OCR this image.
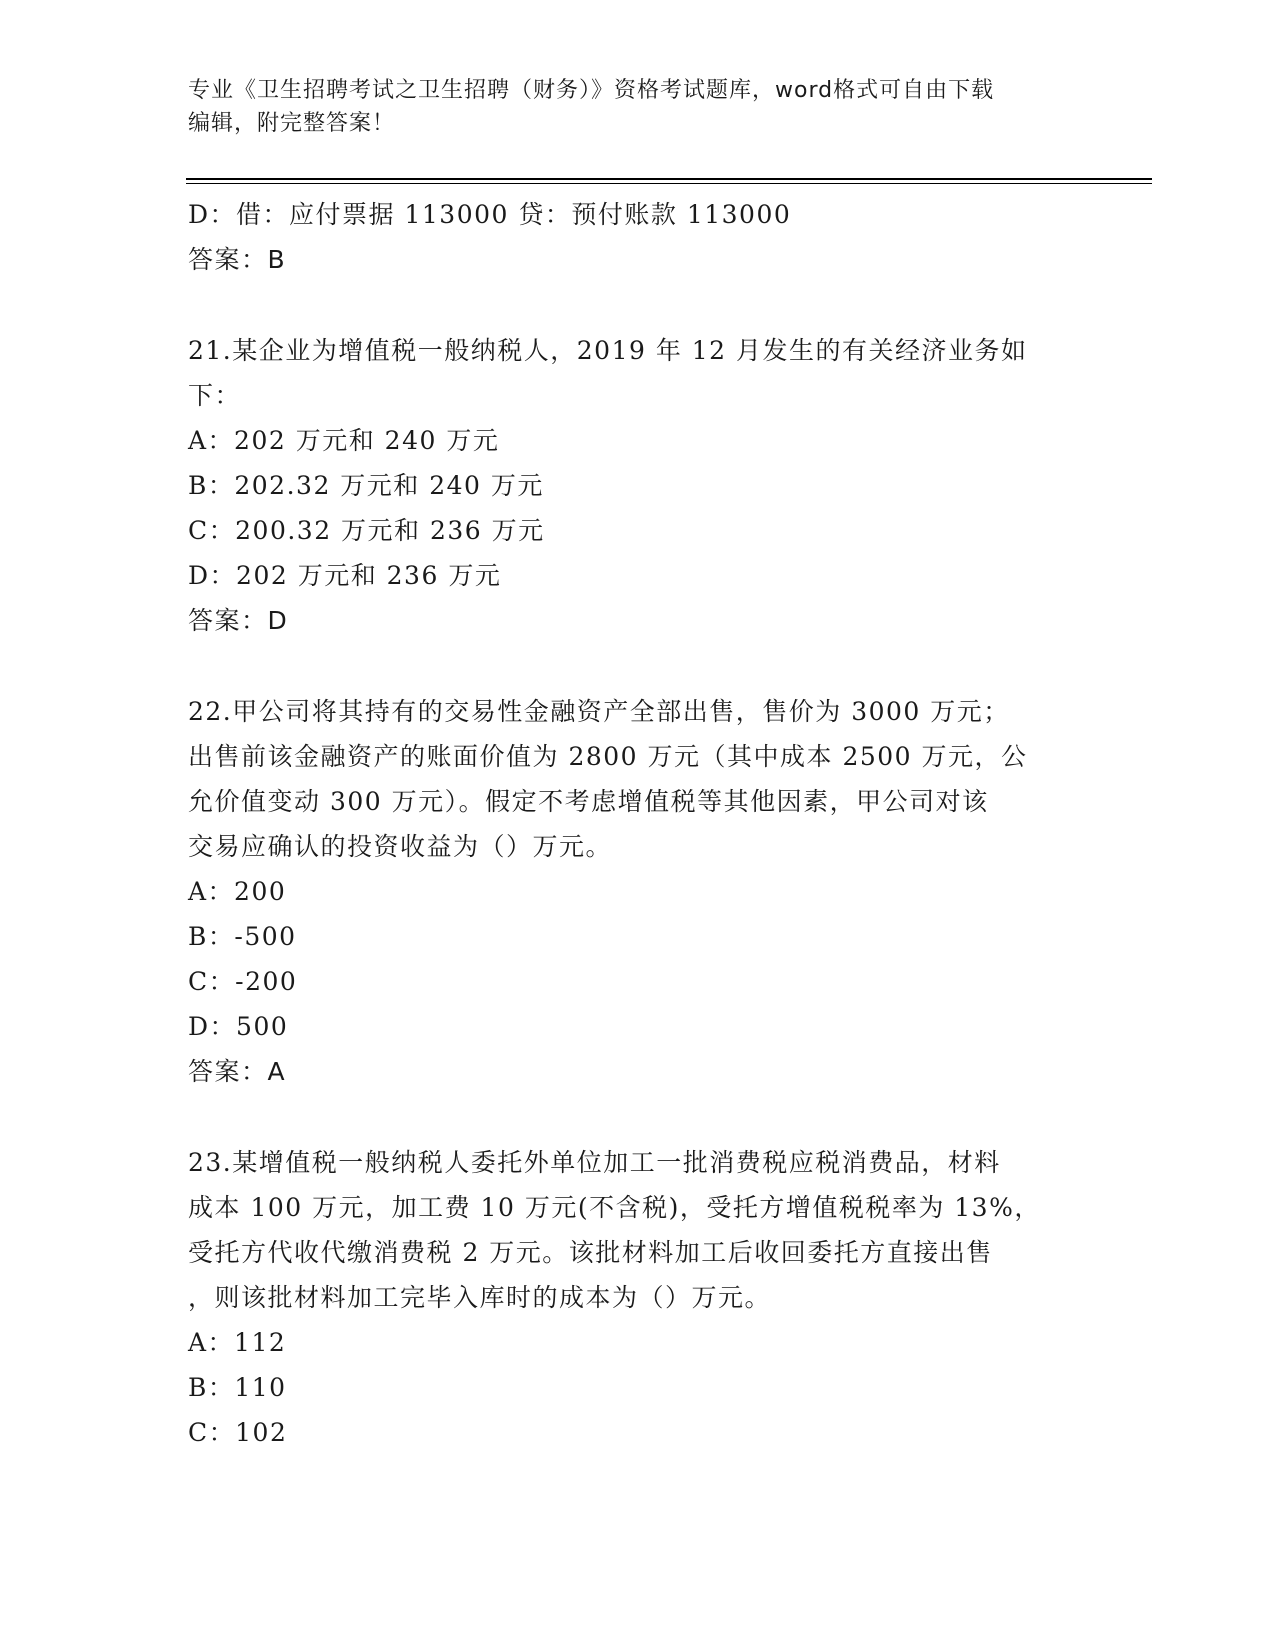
专业《卫生招聘考试之卫生招聘（财务）》资格考试题库，word格式可自由下载
编辑，附完整答案！
D：借：应付票据 113000 贷：预付账款 113000
答案：B
21.某企业为增值税一般纳税人，2019 年 12 月发生的有关经济业务如
下：
A：202 万元和 240 万元
B：202.32 万元和 240 万元
C：200.32 万元和 236 万元
D：202 万元和 236 万元
答案：D
22.甲公司将其持有的交易性金融资产全部出售，售价为 3000 万元；
出售前该金融资产的账面价值为 2800 万元（其中成本 2500 万元，公
允价值变动 300 万元）。假定不考虑增值税等其他因素，甲公司对该
交易应确认的投资收益为（）万元。
A：200
B：-500
C：-200
D：500
答案：A
23.某增值税一般纳税人委托外单位加工一批消费税应税消费品，材料
成本 100 万元，加工费 10 万元(不含税)，受托方增值税税率为 13%，
受托方代收代缴消费税 2 万元。该批材料加工后收回委托方直接出售
，则该批材料加工完毕入库时的成本为（）万元。
A：112
B：110
C：102
